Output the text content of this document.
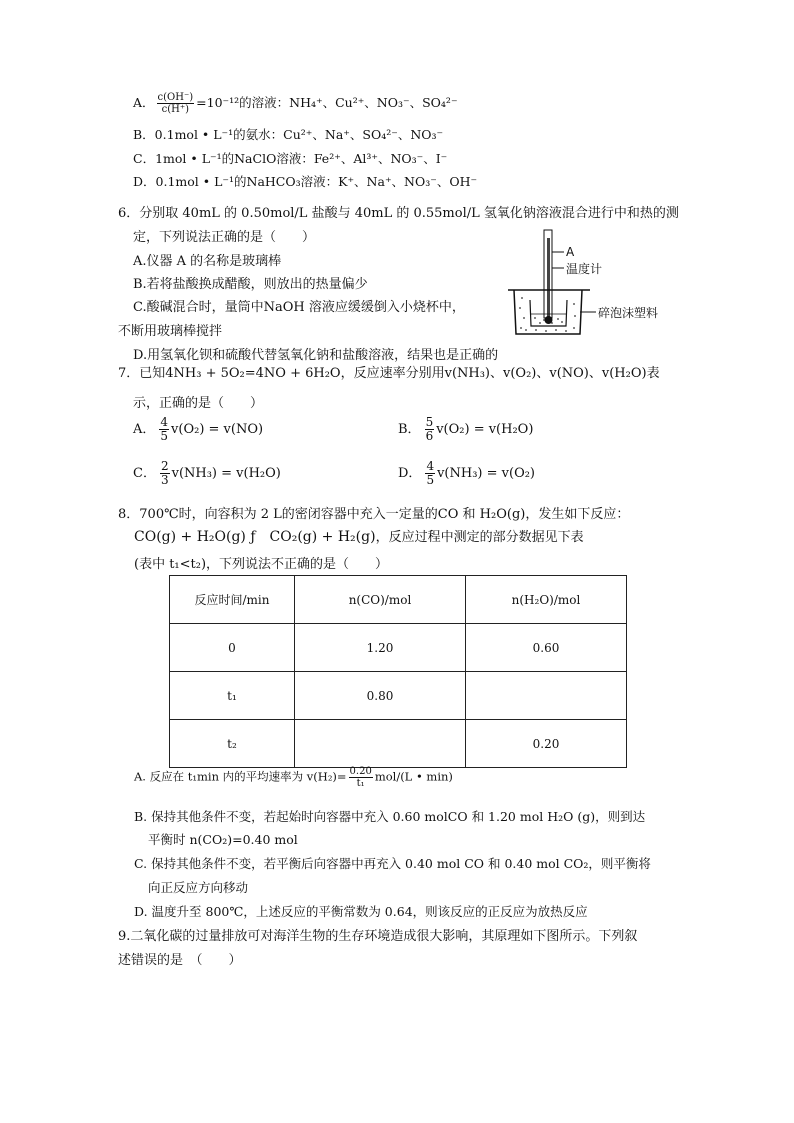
A． $\frac{c(OH^-)}{c(H^+)} =10^{-12}$的溶液：NH₄⁺、Cu²⁺、NO₃⁻、SO₄²⁻
B．0.1mol • L⁻¹的氨水：Cu²⁺、Na⁺、SO₄²⁻、NO₃⁻
C．1mol • L⁻¹的NaClO溶液：Fe²⁺、Al³⁺、NO₃⁻、I⁻
D．0.1mol • L⁻¹的NaHCO₃溶液：K⁺、Na⁺、NO₃⁻、OH⁻
6．分别取 40mL 的 0.50mol/L 盐酸与 40mL 的 0.55mol/L 氢氧化钠溶液混合进行中和热的测
定，下列说法正确的是（　　）
A.仪器 A 的名称是玻璃棒
B.若将盐酸换成醋酸，则放出的热量偏少
C.酸碱混合时，量筒中NaOH 溶液应缓缓倒入小烧杯中，
不断用玻璃棒搅拌
D.用氢氧化钡和硫酸代替氢氧化钠和盐酸溶液，结果也是正确的
A
温度计
碎泡沫塑料
7．已知4NH₃ + 5O₂=4NO + 6H₂O，反应速率分别用v(NH₃)、v(O₂)、v(NO)、v(H₂O)表
示，正确的是（　　）
A． $\frac{4}{5} v(O_2) = v(NO)$	B． $\frac{5}{6} v(O_2) = v(H_2O)$
C． $\frac{2}{3} v(NH_3) = v(H_2O)$	D． $\frac{4}{5} v(NH_3) = v(O_2)$
8．700℃时，向容积为 2 L的密闭容器中充入一定量的CO 和 H₂O(g)，发生如下反应：
CO(g) + H₂O(g) ƒ　CO₂(g) + H₂(g)，反应过程中测定的部分数据见下表
(表中 t₁<t₂)，下列说法不正确的是（　　）
反应时间/min	n(CO)/mol	n(H₂O)/mol
0	1.20	0.60
t₁	0.80	
t₂		0.20
A. 反应在 t₁min 内的平均速率为 $v(H_2)= \frac{0.20}{\text{t₁}} mol/(L$ • min)
B. 保持其他条件不变，若起始时向容器中充入 0.60 molCO 和 1.20 mol H₂O (g)，则到达
平衡时 n(CO₂)=0.40 mol
C. 保持其他条件不变，若平衡后向容器中再充入 0.40 mol CO 和 0.40 mol CO₂，则平衡将
向正反应方向移动
D. 温度升至 800℃，上述反应的平衡常数为 0.64，则该反应的正反应为放热反应
9.二氧化碳的过量排放可对海洋生物的生存环境造成很大影响，其原理如下图所示。下列叙
述错误的是　（　　）
